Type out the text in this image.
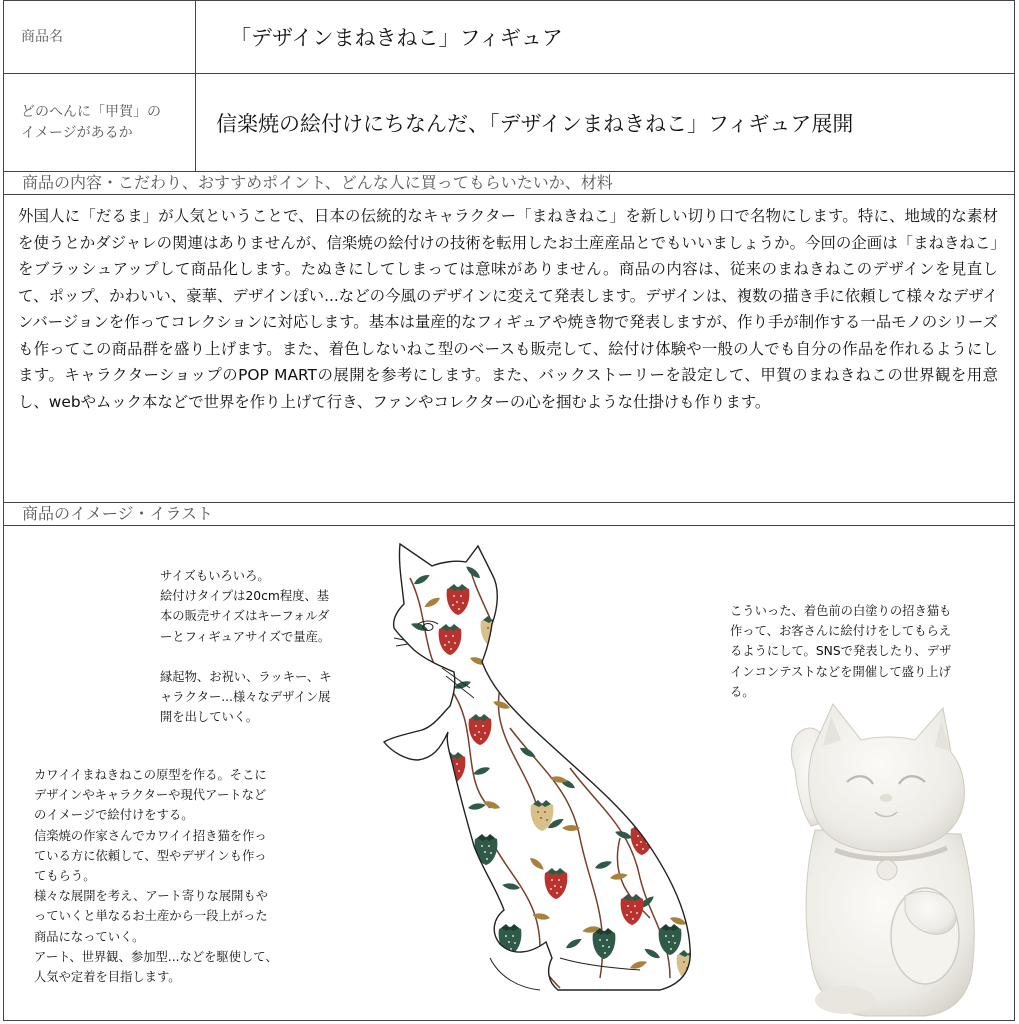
商品名	「デザインまねきねこ」フィギュア
どのへんに「甲賀」の
イメージがあるか	信楽焼の絵付けにちなんだ、「デザインまねきねこ」フィギュア展開
商品の内容・こだわり、おすすめポイント、どんな人に買ってもらいたいか、材料
商品のイメージ・イラスト
外国人に「だるま」が人気ということで、日本の伝統的なキャラクター「まねきねこ」を新しい切り口で名物にします。特に、地域的な素材を使うとかダジャレの関連はありませんが、信楽焼の絵付けの技術を転用したお土産産品とでもいいましょうか。今回の企画は「まねきねこ」をブラッシュアップして商品化します。たぬきにしてしまっては意味がありません。商品の内容は、従来のまねきねこのデザインを見直して、ポップ、かわいい、豪華、デザインぽい...などの今風のデザインに変えて発表します。デザインは、複数の描き手に依頼して様々なデザインバージョンを作ってコレクションに対応します。基本は量産的なフィギュアや焼き物で発表しますが、作り手が制作する一品モノのシリーズも作ってこの商品群を盛り上げます。また、着色しないねこ型のベースも販売して、絵付け体験や一般の人でも自分の作品を作れるようにします。キャラクターショップのPOP MARTの展開を参考にします。また、バックストーリーを設定して、甲賀のまねきねこの世界観を用意し、webやムック本などで世界を作り上げて行き、ファンやコレクターの心を掴むような仕掛けも作ります。

サイズもいろいろ。

絵付けタイプは20cm程度、基

本の販売サイズはキーフォルダ

ーとフィギュアサイズで量産。

縁起物、お祝い、ラッキー、キ

ャラクター...様々なデザイン展

開を出していく。

カワイイまねきねこの原型を作る。そこに

デザインやキャラクターや現代アートなど

のイメージで絵付けをする。

信楽焼の作家さんでカワイイ招き猫を作っ

ている方に依頼して、型やデザインも作っ

てもらう。

様々な展開を考え、アート寄りな展開もや

っていくと単なるお土産から一段上がった

商品になっていく。

アート、世界観、参加型...などを駆使して、

人気や定着を目指します。

こういった、着色前の白塗りの招き猫も

作って、お客さんに絵付けをしてもらえ

るようにして。SNSで発表したり、デザ

インコンテストなどを開催して盛り上げ

る。
